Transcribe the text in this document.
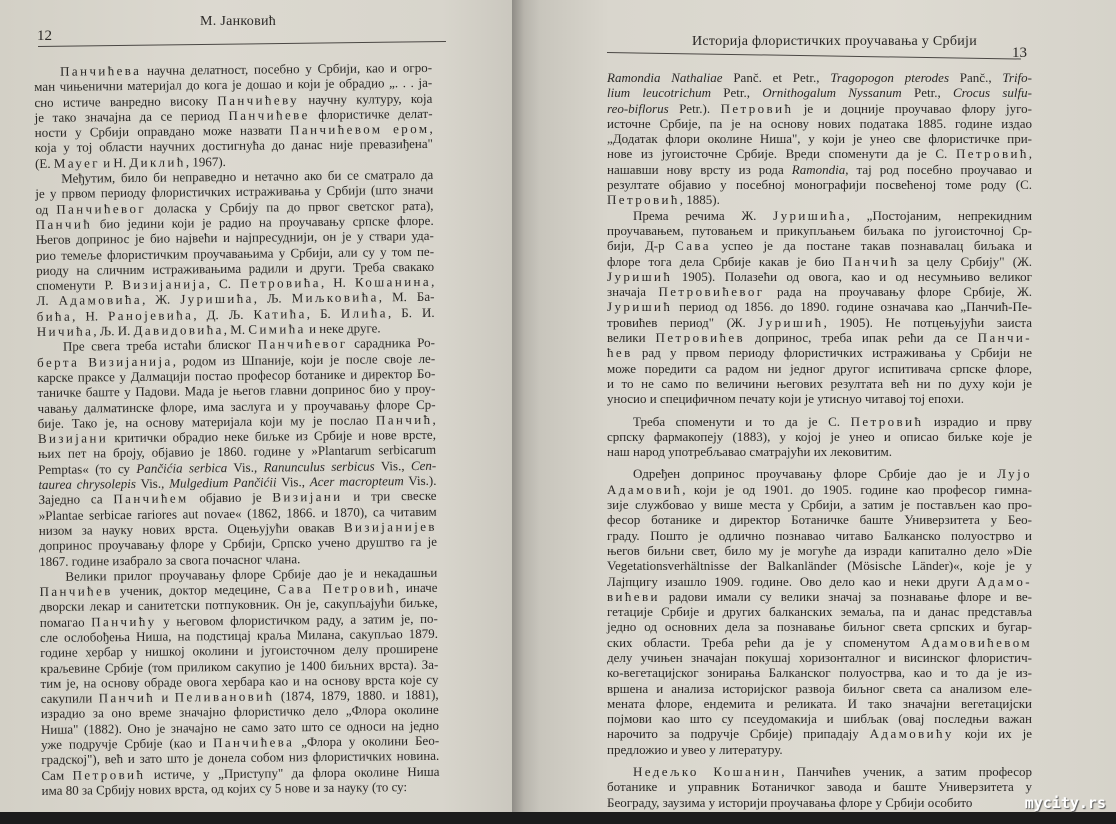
М. Јанковић
12
Панчићева научна делатност, посебно у Србији, као и огро-
ман чињенични материјал до кога је дошао и који је обрадио „. . . ја-
сно истиче ванредно високу Панчићеву научну културу, која
је тако значајна да се период Панчићеве флористичке делат-
ности у Србији оправдано може назвати Панчићевом ером,
која у тој области научних достигнућа до данас није превазиђена"
(Е. Мауег и Н. Диклић, 1967).
Међутим, било би неправедно и нетачно ако би се сматрало да
је у првом периоду флористичких истраживања у Србији (што значи
од Панчићевог доласка у Србију па до првог светског рата),
Панчић био једини који је радио на проучавању српске флоре.
Његов допринос је био највећи и најпресуднији, он је у ствари уда-
рио темеље флористичким проучавањима у Србији, али су у том пе-
риоду на сличним истраживањима радили и други. Треба свакако
споменути Р. Визијанија, С. Петровића, Н. Кошанина,
Л. Адамовића, Ж. Јуришића, Љ. Миљковића, М. Ба-
бића, Н. Ранојевића, Д. Љ. Катића, Б. Илића, Б. И.
Ничића, Љ. И. Давидовића, М. Симића и неке друге.
Пре свега треба истаћи блиског Панчићевог сарадника Ро-
берта Визијанија, родом из Шпаније, који је после своје ле-
карске праксе у Далмацији постао професор ботанике и директор Бо-
таничке баште у Падови. Мада је његов главни допринос био у проу-
чавању далматинске флоре, има заслуга и у проучавању флоре Ср-
бије. Тако је, на основу материјала који му је послао Панчић,
Визијани критички обрадио неке биљке из Србије и нове врсте,
њих пет на броју, објавио је 1860. године у »Plantarum serbicarum
Pemptas« (то су Pančićia serbica Vis., Ranunculus serbicus Vis., Cen-
taurea chrysolepis Vis., Mulgedium Pančićii Vis., Acer macropteum Vis.).
Заједно са Панчићем објавио је Визијани и три свеске
»Plantae serbicae rariores aut novae« (1862, 1866. и 1870), са читавим
низом за науку нових врста. Оцењујући овакав Визијанијев
допринос проучавању флоре у Србији, Српско учено друштво га је
1867. године изабрало за свога почасног члана.
Велики прилог проучавању флоре Србије дао је и некадашњи
Панчићев ученик, доктор медецине, Сава Петровић, иначе
дворски лекар и санитетски потпуковник. Он је, сакупљајући биљке,
помагао Панчићу у његовом флористичком раду, а затим је, по-
сле ослобођења Ниша, на подстицај краља Милана, сакупљао 1879.
године хербар у нишкој околини и југоисточном делу проширене
краљевине Србије (том приликом сакупио је 1400 биљних врста). За-
тим је, на основу обраде овога хербара као и на основу врста које су
сакупили Панчић и Пеливановић (1874, 1879, 1880. и 1881),
израдио за оно време значајно флористичко дело „Флора околине
Ниша" (1882). Оно је значајно не само зато што се односи на једно
уже подручје Србије (као и Панчићева „Флора у околини Бео-
градској"), већ и зато што је донела собом низ флористичких новина.
Сам Петровић истиче, у „Приступу" да флора околине Ниша
има 80 за Србију нових врста, од којих су 5 нове и за науку (то су:
Историја флористичких проучавања у Србији
13
Ramondia Nathaliae Panč. et Petr., Tragopogon pterodes Panč., Trifo-
lium leucotrichum Petr., Ornithogalum Nyssanum Petr., Crocus sulfu-
reo-biflorus Petr.). Петровић је и доцније проучавао флору југо-
источне Србије, па је на основу нових података 1885. године издао
„Додатак флори околине Ниша", у који је унео све флористичке при-
нове из југоисточне Србије. Вреди споменути да је С. Петровић,
нашавши нову врсту из рода Ramondia, тај род посебно проучавао и
резултате објавио у посебној монографији посвећеној томе роду (С.
Петровић, 1885).
Према речима Ж. Јуришића, „Постојаним, непрекидним
проучавањем, путовањем и прикупљањем биљака по југоисточној Ср-
бији, Д-р Сава успео је да постане такав познавалац биљака и
флоре тога дела Србије какав је био Панчић за целу Србију" (Ж.
Јуришић 1905). Полазећи од овога, као и од несумњиво великог
значаја Петровићевог рада на проучавању флоре Србије, Ж.
Јуришић период од 1856. до 1890. године означава као „Панчић-Пе-
тровићев период" (Ж. Јуришић, 1905). Не потцењујући заиста
велики Петровићев допринос, треба ипак рећи да се Панчи-
ћев рад у првом периоду флористичких истраживања у Србији не
може поредити са радом ни једног другог испитивача српске флоре,
и то не само по величини његових резултата већ ни по духу који је
уносио и специфичном печату који је утиснуо читавој тој епохи.
Треба споменути и то да је С. Петровић израдио и прву
српску фармакопеју (1883), у којој је унео и описао биљке које је
наш народ употребљавао сматрајући их лековитим.
Одређен допринос проучавању флоре Србије дао је и Лујо
Адамовић, који је од 1901. до 1905. године као професор гимна-
зије службовао у више места у Србији, а затим је постављен као про-
фесор ботанике и директор Ботаничке баште Универзитета у Бео-
граду. Пошто је одлично познавао читаво Балканско полуострво и
његов биљни свет, било му је могуће да изради капитално дело »Die
Vegetationsverhältnisse der Balkanländer (Mösische Länder)«, које је у
Лајпцигу изашло 1909. године. Ово дело као и неки други Адамо-
вићеви радови имали су велики значај за познавање флоре и ве-
гетације Србије и других балканских земаља, па и данас представља
једно од основних дела за познавање биљног света српских и бугар-
ских области. Треба рећи да је у споменутом Адамовићевом
делу учињен значајан покушај хоризонталног и висинског флористич-
ко-вегетацијског зонирања Балканског полуострва, као и то да је из-
вршена и анализа историјског развоја биљног света са анализом еле-
мената флоре, ендемита и реликата. И тако значајни вегетацијски
појмови као што су псеудомакија и шибљак (овај последњи важан
нарочито за подручје Србије) припадају Адамовићу који их је
предложио и увео у литературу.
Недељко Кошанин, Панчићев ученик, а затим професор
ботанике и управник Ботаничког завода и баште Универзитета у
Београду, заузима у историји проучавања флоре у Србији особито	mycity.rs
